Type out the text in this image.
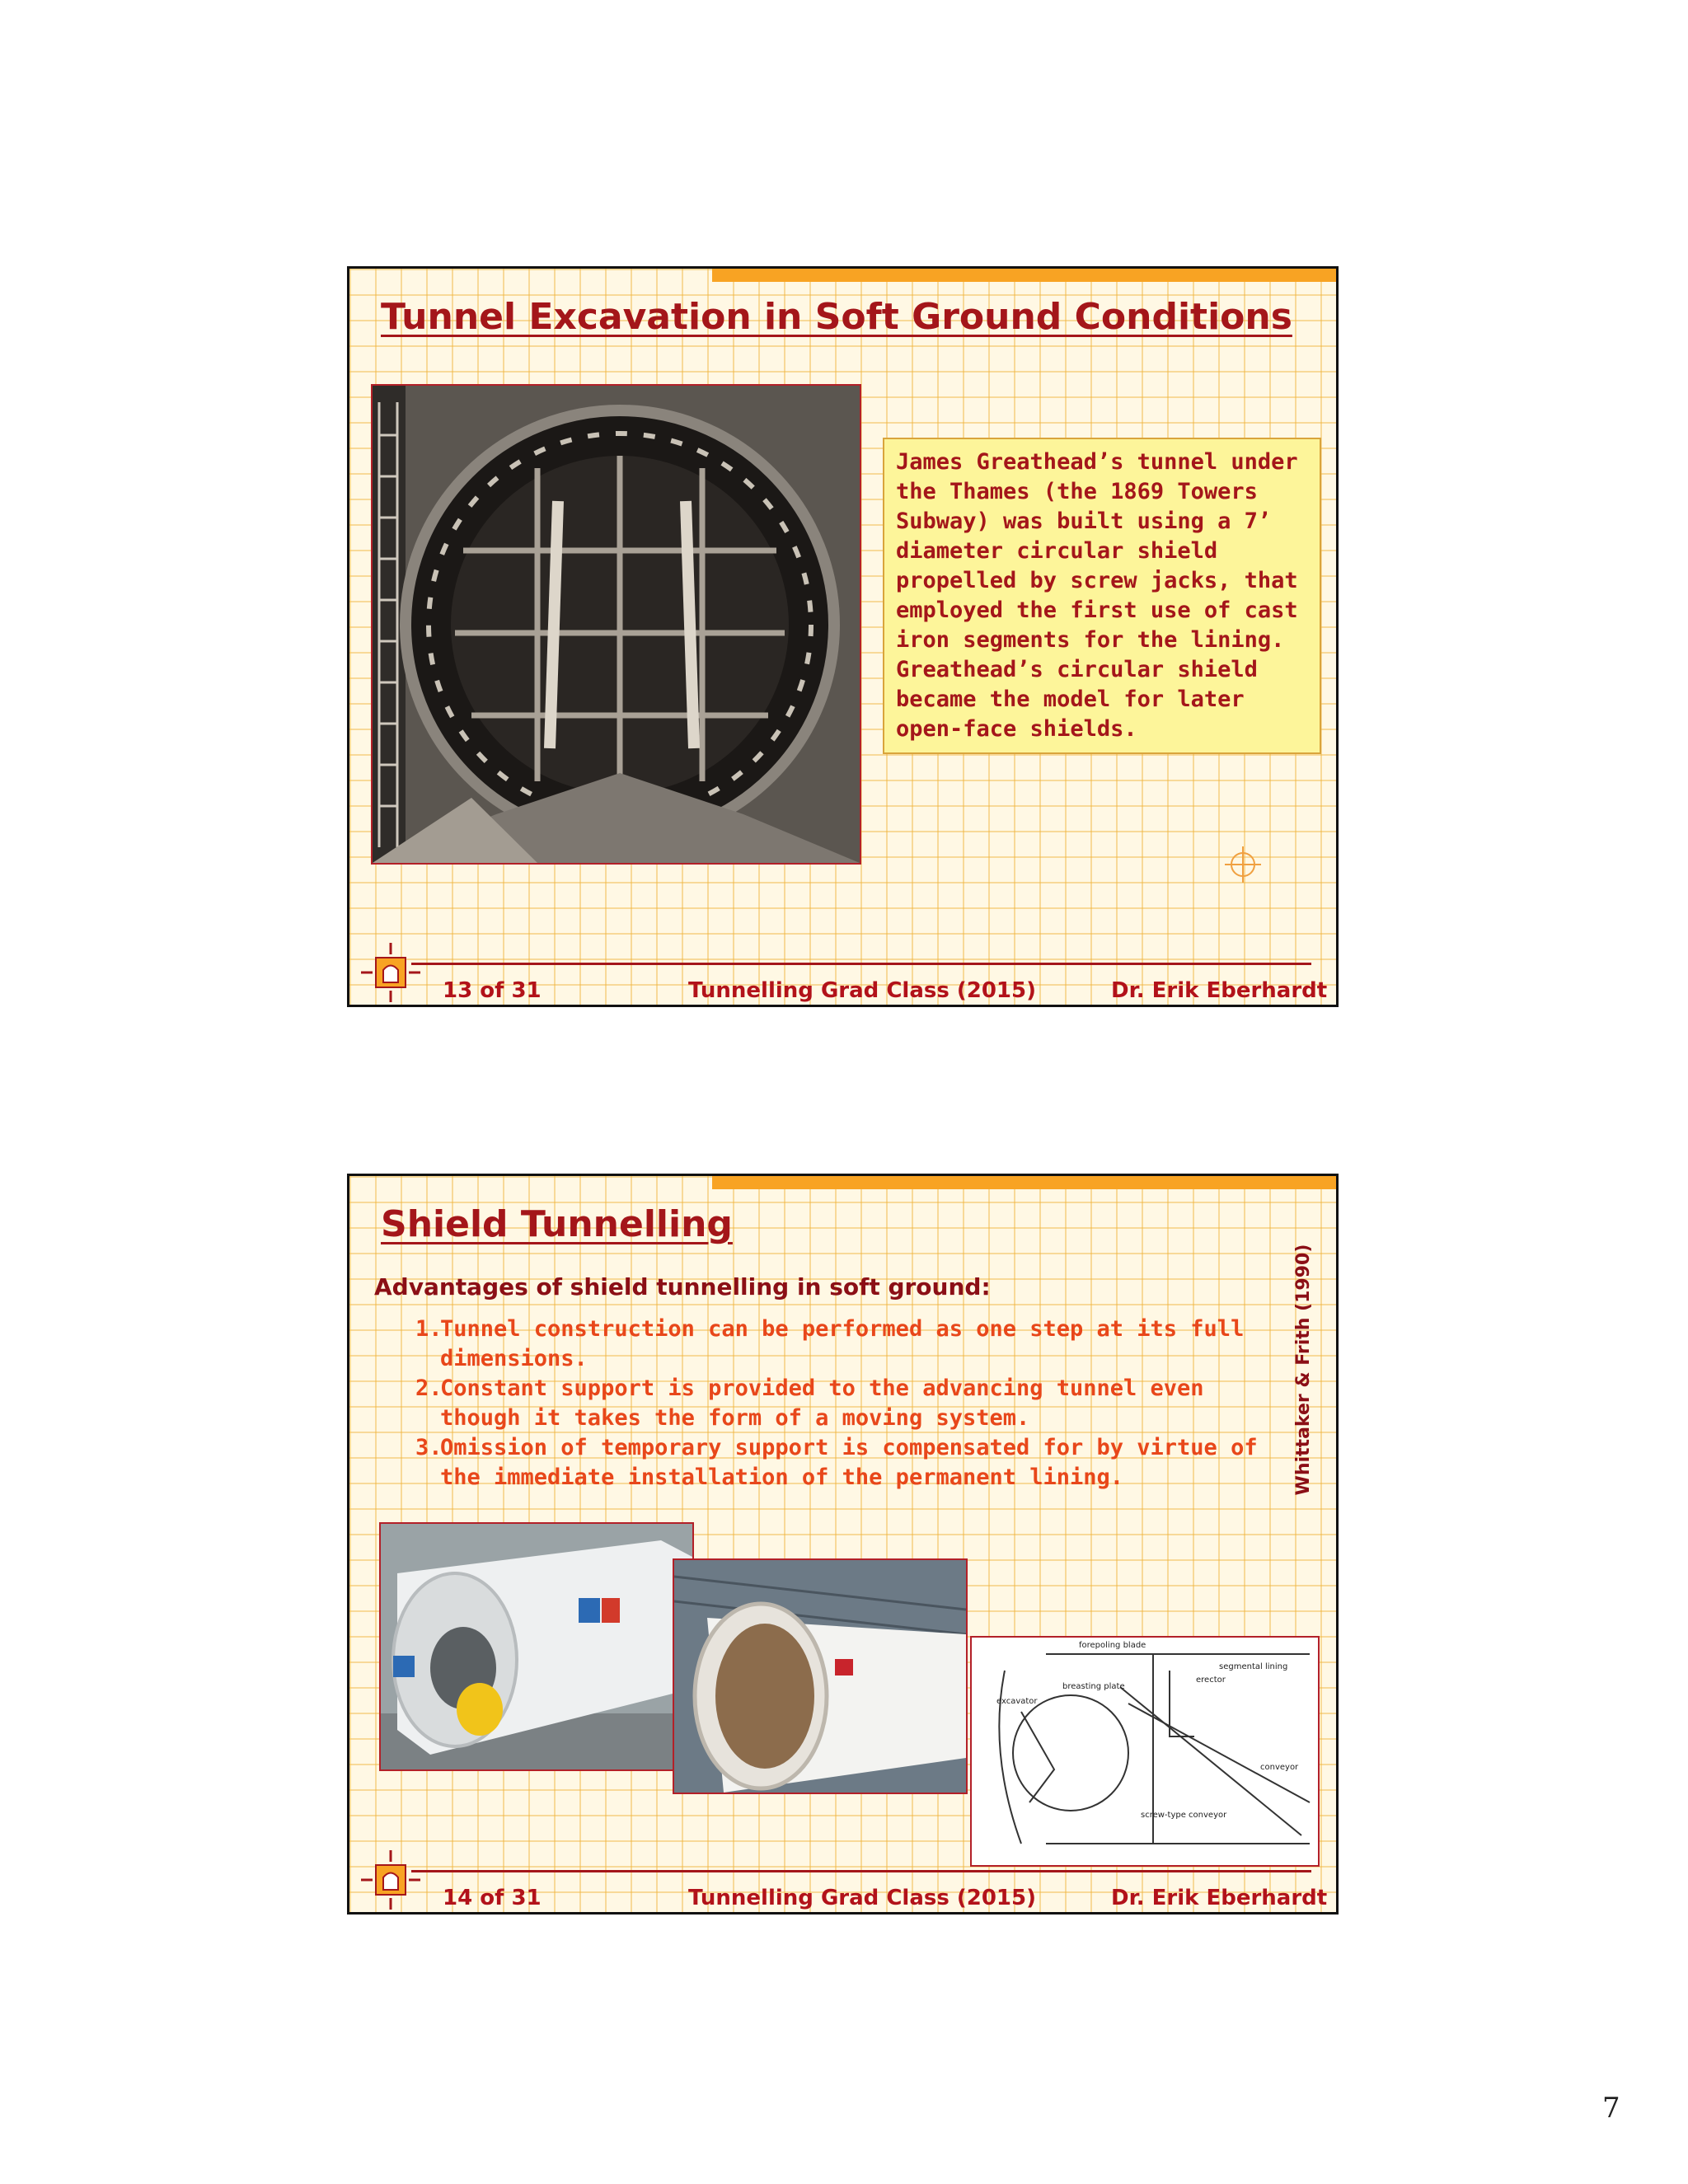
Tunnel Excavation in Soft Ground Conditions
James Greathead’s tunnel under the Thames (the 1869 Towers Subway) was built using a 7’ diameter circular shield propelled by screw jacks, that employed the first use of cast iron segments for the lining. Greathead’s circular shield became the model for later open-face shields.
13 of 31	Tunnelling Grad Class (2015)	Dr. Erik Eberhardt
Shield Tunnelling
Advantages of shield tunnelling in soft ground:
1.
Tunnel construction can be performed as one step at its full dimensions.
2.
Constant support is provided to the advancing tunnel even though it takes the form of a moving system.
3.
Omission of temporary support is compensated for by virtue of the immediate installation of the permanent lining.	Whittaker & Frith (1990)
forepoling blade
segmental lining
erector
breasting plate
excavator
conveyor
screw-type conveyor
14 of 31	Tunnelling Grad Class (2015)	Dr. Erik Eberhardt
7
